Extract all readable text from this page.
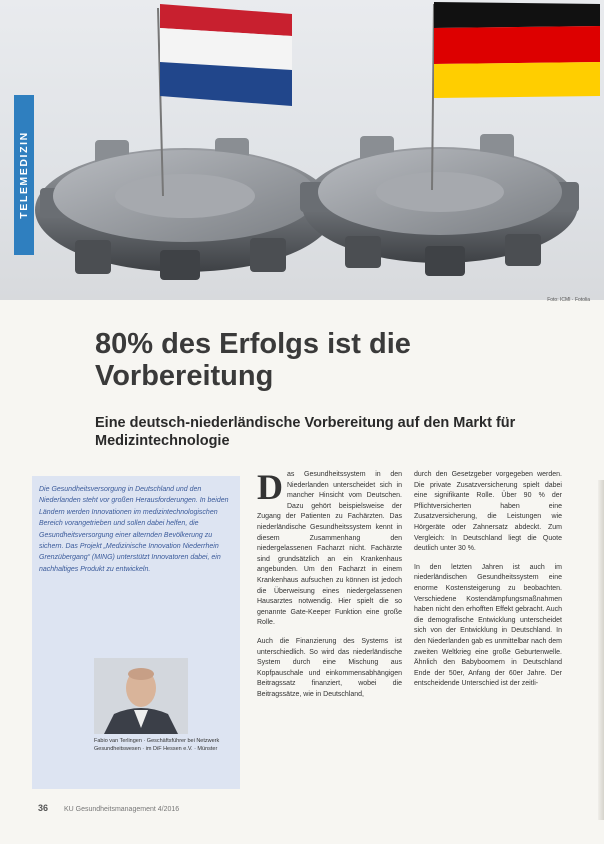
TELEMEDIZIN
Foto: ICMI · Fotolia
80% des Erfolgs ist die Vorbereitung
Eine deutsch-niederländische Vorbereitung auf den Markt für Medizintechnologie

Die Gesundheitsversorgung in Deutschland und den Niederlanden steht vor großen Herausforderungen. In beiden Ländern werden Innovationen im medizintechnologischen Bereich vorangetrieben und sollen dabei helfen, die Gesundheitsversorgung einer alternden Bevölkerung zu sichern. Das Projekt „Medizinische Innovation Niederrhein Grenzübergang“ (MING) unterstützt Innovatoren dabei, ein nachhaltiges Produkt zu entwickeln.

Fabio van Terlingen · Geschäftsführer bei Netzwerk Gesundheitswesen · im DiF Hessen e.V. · Münster

Das Gesundheitssystem in den Niederlanden unterscheidet sich in mancher Hinsicht vom Deutschen. Dazu gehört beispielsweise der Zugang der Patienten zu Fachärzten. Das niederländische Gesundheitssystem kennt in diesem Zusammenhang den niedergelassenen Facharzt nicht. Fachärzte sind grundsätzlich an ein Krankenhaus angebunden. Um den Facharzt in einem Krankenhaus aufsuchen zu können ist jedoch die Überweisung eines niedergelassenen Hausarztes notwendig. Hier spielt die so genannte Gate-Keeper Funktion eine große Rolle.

Auch die Finanzierung des Systems ist unterschiedlich. So wird das niederländische System durch eine Mischung aus Kopfpauschale und einkommensabhängigen Beitragssatz finanziert, wobei die Beitragssätze, wie in Deutschland,

durch den Gesetzgeber vorgegeben werden. Die private Zusatzversicherung spielt dabei eine signifikante Rolle. Über 90 % der Pflichtversicherten haben eine Zusatzversicherung, die Leistungen wie Hörgeräte oder Zahnersatz abdeckt. Zum Vergleich: In Deutschland liegt die Quote deutlich unter 30 %.

In den letzten Jahren ist auch im niederländischen Gesundheitssystem eine enorme Kostensteigerung zu beobachten. Verschiedene Kostendämpfungsmaßnahmen haben nicht den erhofften Effekt gebracht. Auch die demografische Entwicklung unterscheidet sich von der Entwicklung in Deutschland. In den Niederlanden gab es unmittelbar nach dem zweiten Weltkrieg eine große Geburtenwelle. Ähnlich den Babyboomern in Deutschland Ende der 50er, Anfang der 60er Jahre. Der entscheidende Unterschied ist der zeitli-

36 KU Gesundheitsmanagement 4/2016
